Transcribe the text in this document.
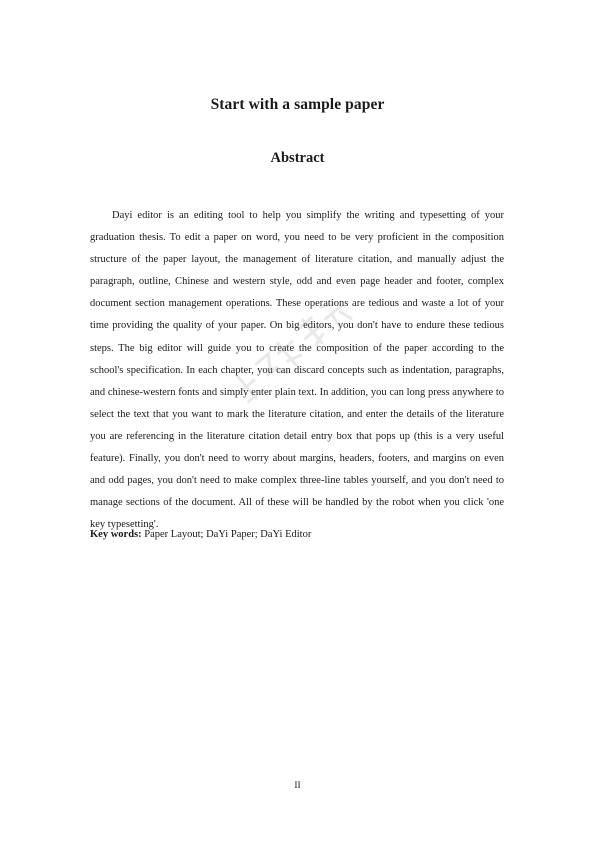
Start with a sample paper
Abstract

Dayi editor is an editing tool to help you simplify the writing and typesetting of your graduation thesis. To edit a paper on word, you need to be very proficient in the composition structure of the paper layout, the management of literature citation, and manually adjust the paragraph, outline, Chinese and western style, odd and even page header and footer, complex document section management operations. These operations are tedious and waste a lot of your time providing the quality of your paper. On big editors, you don't have to endure these tedious steps. The big editor will guide you to create the composition of the paper according to the school's specification. In each chapter, you can discard concepts such as indentation, paragraphs, and chinese-western fonts and simply enter plain text. In addition, you can long press anywhere to select the text that you want to mark the literature citation, and enter the details of the literature you are referencing in the literature citation detail entry box that pops up (this is a very useful feature). Finally, you don't need to worry about margins, headers, footers, and margins on even and odd pages, you don't need to make complex three-line tables yourself, and you don't need to manage sections of the document. All of these will be handled by the robot when you click 'one key typesetting'.

Key words: Paper Layout; DaYi Paper; DaYi Editor
II
